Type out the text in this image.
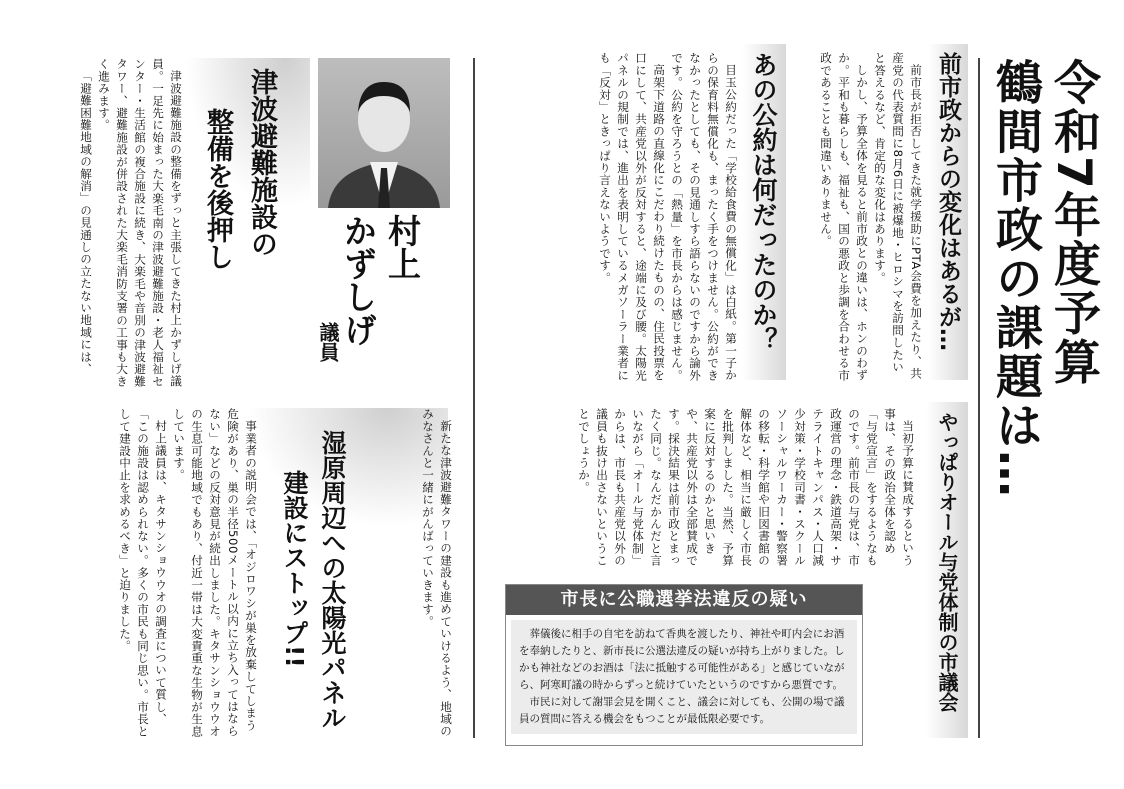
令和7年度予算
鶴間市政の課題は…
前市政からの変化はあるが…

前市長が拒否してきた就学援助にPTA会費を加えたり、共産党の代表質問に8月6日に被爆地・ヒロシマを訪問したいと答えるなど、肯定的な変化はあります。

しかし、予算全体を見ると前市政との違いは、ホンのわずか。平和も暮らしも、福祉も、国の悪政と歩調を合わせる市政であることも間違いありません。

あの公約は何だったのか？

目玉公約だった「学校給食費の無償化」は白紙。第一子からの保育料無償化も、まったく手をつけません。公約ができなかったとしても、その見通しすら語らないのですから論外です。公約を守ろうとの「熱量」を市長からは感じません。

高架下道路の直線化にこだわり続けたものの、住民投票を口にして、共産党以外が反対すると、途端に及び腰。太陽光パネルの規制では、進出を表明しているメガソーラー業者にも「反対」ときっぱり言えないようです。

やっぱりオール与党体制の市議会

当初予算に賛成するという事は、その政治全体を認め「与党宣言」をするようなものです。前市長の与党は、市政運営の理念・鉄道高架・サテライトキャンパス・人口減少対策・学校司書・スクールソーシャルワーカー・警察署の移転・科学館や旧図書館の解体など、相当に厳しく市長を批判しました。当然、予算案に反対するのかと思いきや、共産党以外は全部賛成です。採決結果は前市政とまったく同じ。なんだかんだと言いながら「オール与党体制」からは、市長も共産党以外の議員も抜け出さないということでしょうか。

市長に公職選挙法違反の疑い

葬儀後に相手の自宅を訪ねて香典を渡したり、神社や町内会にお酒を奉納したりと、新市長に公選法違反の疑いが持ち上がりました。しかも神社などのお酒は「法に抵触する可能性がある」と感じていながら、阿寒町議の時からずっと続けていたというのですから悪質です。

市民に対して謝罪会見を開くこと、議会に対しても、公開の場で議員の質問に答える機会をもつことが最低限必要です。

湿原周辺への太陽光パネル
建設にストップ!!	新たな津波避難タワーの建設も進めていけるよう、地域のみなさんと一緒にがんばっていきます。

事業者の説明会では、「オジロワシが巣を放棄してしまう危険があり、巣の半径500メートル以内に立ち入ってはならない」などの反対意見が続出しました。キタサンショウウオの生息可能地域でもあり、付近一帯は大変貴重な生物が生息しています。

村上議員は、キタサンショウウオの調査について質し、「この施設は認められない。多くの市民も同じ思い。市長として建設中止を求めるべき」と迫りました。

村上
かずしげ
議員
津波避難施設の
整備を後押し

津波避難施設の整備をずっと主張してきた村上かずしげ議員。一足先に始まった大楽毛南の津波避難施設・老人福祉センター・生活館の複合施設に続き、大楽毛や音別の津波避難タワー、避難施設が併設された大楽毛消防支署の工事も大きく進みます。

「避難困難地域の解消」の見通しの立たない地域には、
